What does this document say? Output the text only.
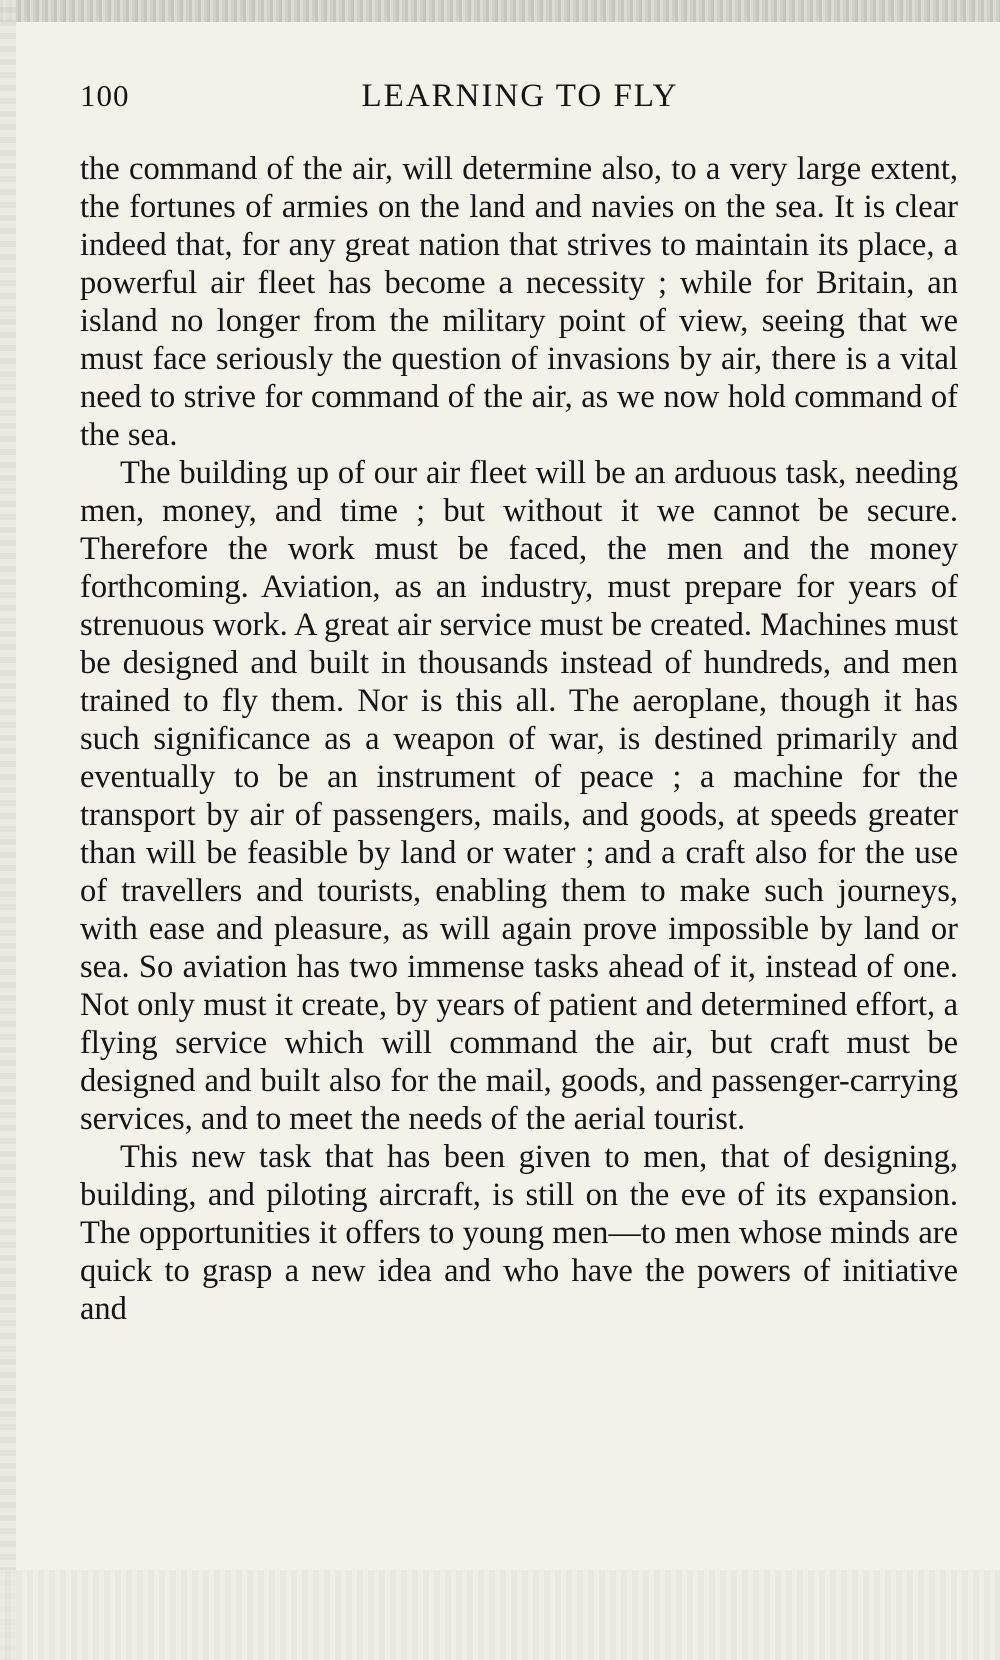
100	LEARNING TO FLY

the command of the air, will determine also, to a very large extent, the fortunes of armies on the land and navies on the sea. It is clear indeed that, for any great nation that strives to maintain its place, a powerful air fleet has become a necessity ; while for Britain, an island no longer from the military point of view, seeing that we must face seriously the question of invasions by air, there is a vital need to strive for command of the air, as we now hold command of the sea.

The building up of our air fleet will be an arduous task, needing men, money, and time ; but without it we cannot be secure. Therefore the work must be faced, the men and the money forthcoming. Aviation, as an industry, must prepare for years of strenuous work. A great air service must be created. Machines must be designed and built in thousands instead of hundreds, and men trained to fly them. Nor is this all. The aeroplane, though it has such significance as a weapon of war, is destined primarily and eventually to be an instrument of peace ; a machine for the transport by air of passengers, mails, and goods, at speeds greater than will be feasible by land or water ; and a craft also for the use of travellers and tourists, enabling them to make such journeys, with ease and pleasure, as will again prove impossible by land or sea. So aviation has two immense tasks ahead of it, instead of one. Not only must it create, by years of patient and determined effort, a flying service which will command the air, but craft must be designed and built also for the mail, goods, and passenger-carrying services, and to meet the needs of the aerial tourist.

This new task that has been given to men, that of designing, building, and piloting aircraft, is still on the eve of its expansion. The opportunities it offers to young men—to men whose minds are quick to grasp a new idea and who have the powers of initiative and
